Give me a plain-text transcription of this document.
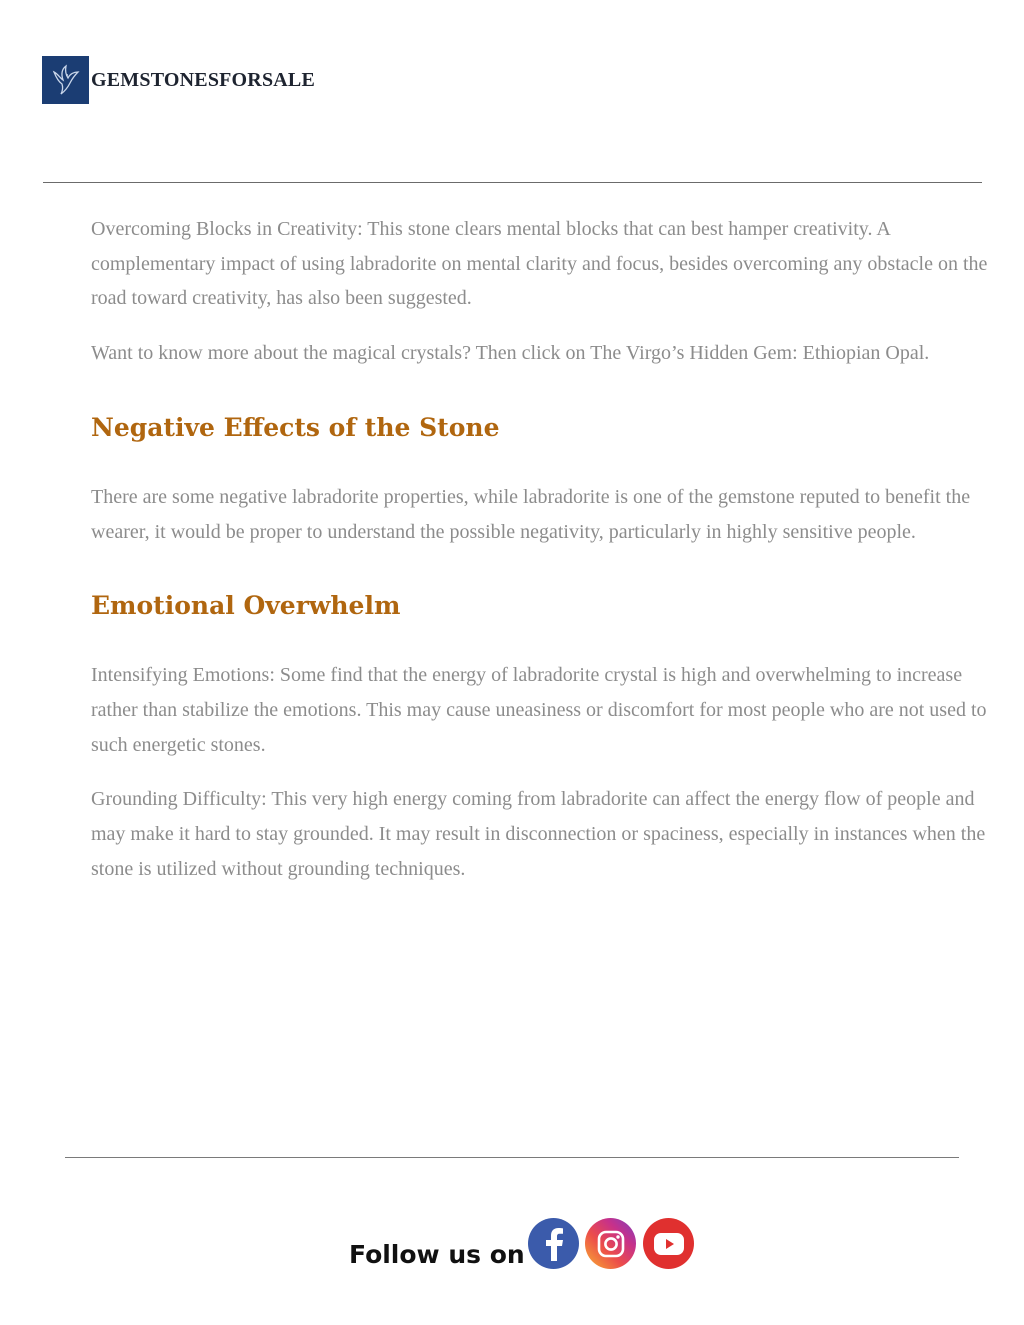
GEMSTONESFORSALE

Overcoming Blocks in Creativity: This stone clears mental blocks that can best hamper creativity. A complementary impact of using labradorite on mental clarity and focus, besides overcoming any obstacle on the road toward creativity, has also been suggested.

Want to know more about the magical crystals? Then click on The Virgo’s Hidden Gem: Ethiopian Opal.

Negative Effects of the Stone

There are some negative labradorite properties, while labradorite is one of the gemstone reputed to benefit the wearer, it would be proper to understand the possible negativity, particularly in highly sensitive people.

Emotional Overwhelm

Intensifying Emotions: Some find that the energy of labradorite crystal is high and overwhelming to increase rather than stabilize the emotions. This may cause uneasiness or discomfort for most people who are not used to such energetic stones.

Grounding Difficulty: This very high energy coming from labradorite can affect the energy flow of people and may make it hard to stay grounded. It may result in disconnection or spaciness, especially in instances when the stone is utilized without grounding techniques.

Follow us on
